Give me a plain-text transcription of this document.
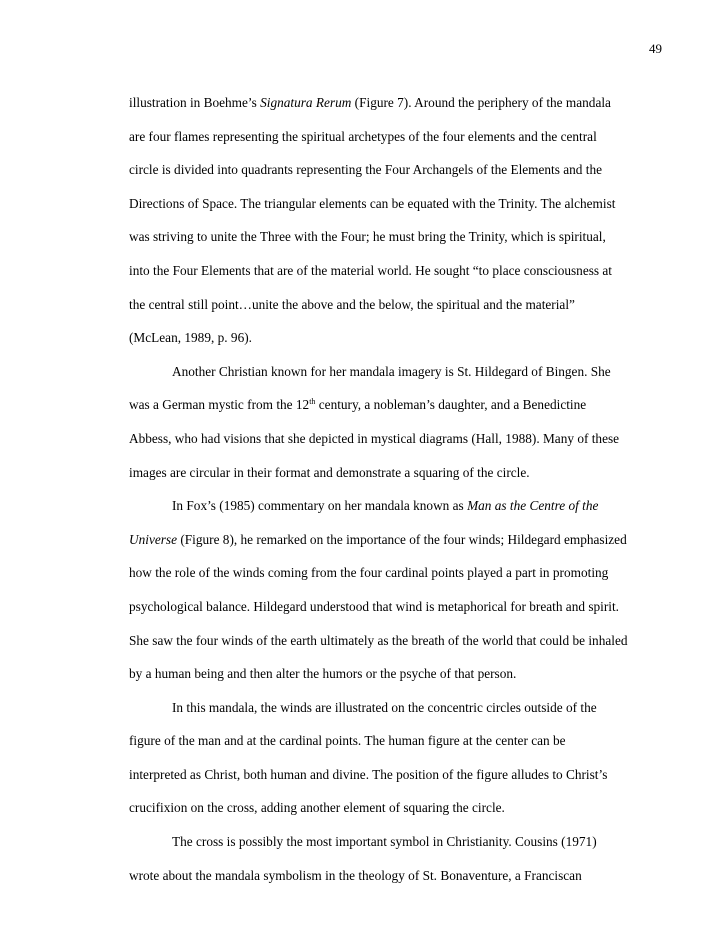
49
illustration in Boehme’s Signatura Rerum (Figure 7). Around the periphery of the mandala
are four flames representing the spiritual archetypes of the four elements and the central
circle is divided into quadrants representing the Four Archangels of the Elements and the
Directions of Space. The triangular elements can be equated with the Trinity. The alchemist
was striving to unite the Three with the Four; he must bring the Trinity, which is spiritual,
into the Four Elements that are of the material world. He sought “to place consciousness at
the central still point…unite the above and the below, the spiritual and the material”
(McLean, 1989, p. 96).
Another Christian known for her mandala imagery is St. Hildegard of Bingen. She
was a German mystic from the 12th century, a nobleman’s daughter, and a Benedictine
Abbess, who had visions that she depicted in mystical diagrams (Hall, 1988). Many of these
images are circular in their format and demonstrate a squaring of the circle.
In Fox’s (1985) commentary on her mandala known as Man as the Centre of the
Universe (Figure 8), he remarked on the importance of the four winds; Hildegard emphasized
how the role of the winds coming from the four cardinal points played a part in promoting
psychological balance. Hildegard understood that wind is metaphorical for breath and spirit.
She saw the four winds of the earth ultimately as the breath of the world that could be inhaled
by a human being and then alter the humors or the psyche of that person.
In this mandala, the winds are illustrated on the concentric circles outside of the
figure of the man and at the cardinal points. The human figure at the center can be
interpreted as Christ, both human and divine. The position of the figure alludes to Christ’s
crucifixion on the cross, adding another element of squaring the circle.
The cross is possibly the most important symbol in Christianity. Cousins (1971)
wrote about the mandala symbolism in the theology of St. Bonaventure, a Franciscan
